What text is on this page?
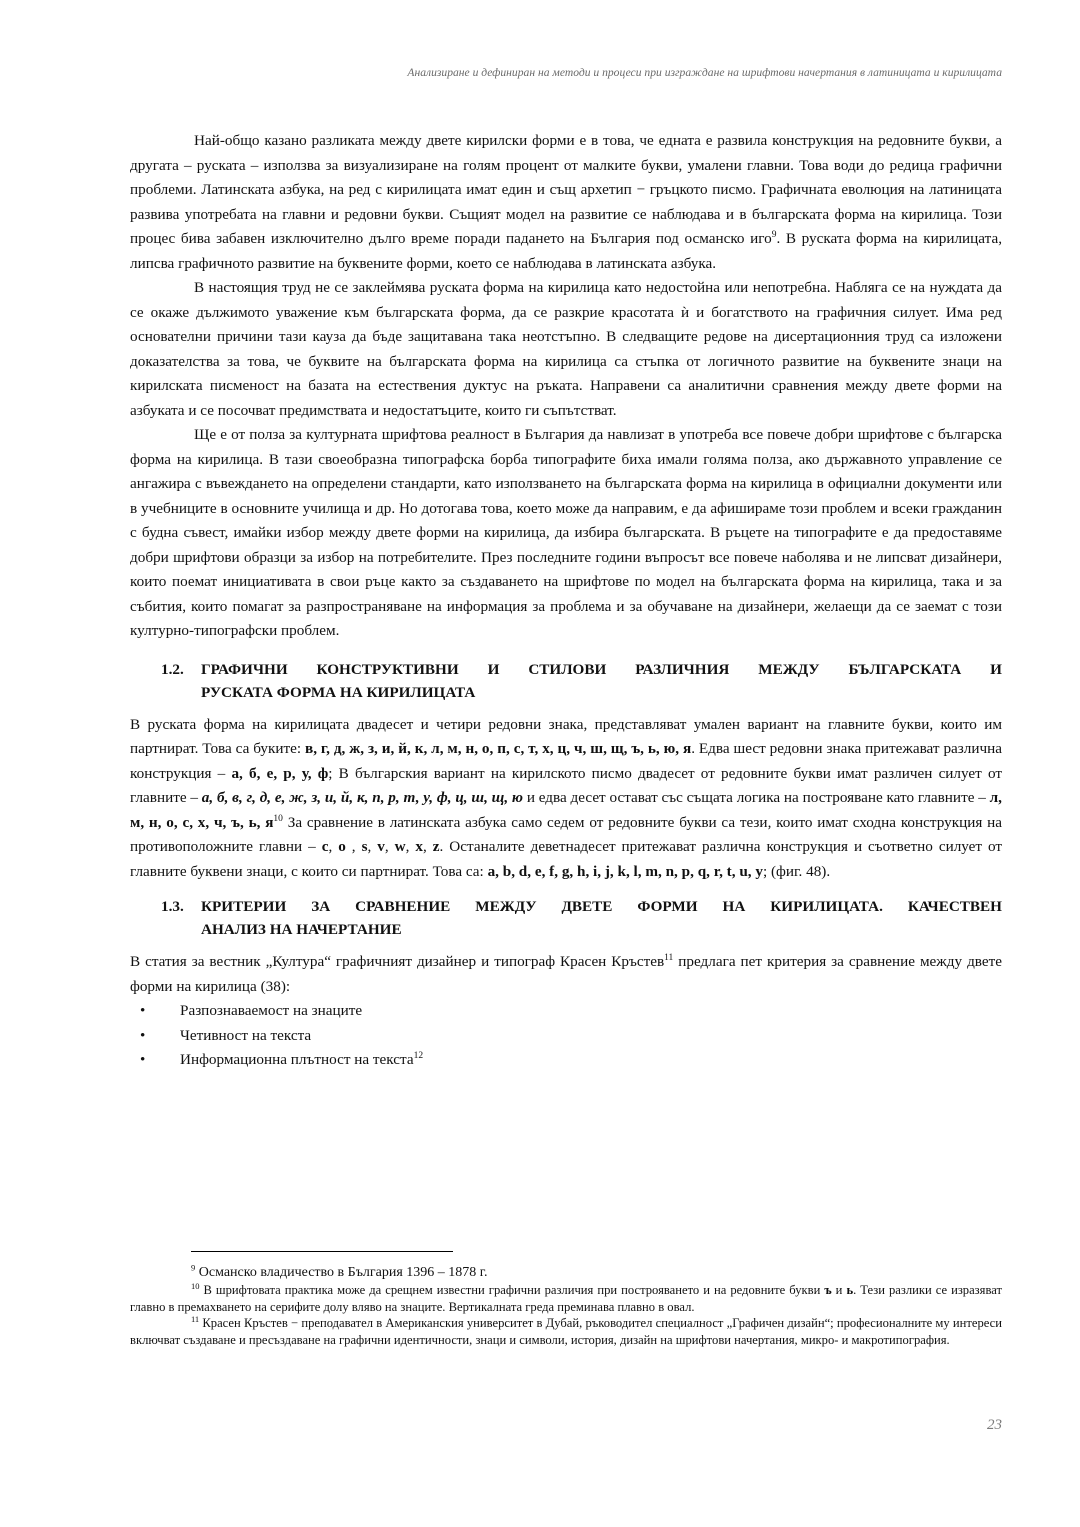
Анализиране и дефиниран на методи и процеси при изграждане на шрифтови начертания в латиницата и кирилицата

Най-общо казано разликата между двете кирилски форми е в това, че едната е развила конструкция на редовните букви, а другата – руската – използва за визуализиране на голям процент от малките букви, умалени главни. Това води до редица графични проблеми. Латинската азбука, на ред с кирилицата имат един и същ архетип − гръцкото писмо. Графичната еволюция на латиницата развива употребата на главни и редовни букви. Същият модел на развитие се наблюдава и в българската форма на кирилица. Този процес бива забавен изключително дълго време поради падането на България под османско иго$^9$. В руската форма на кирилицата, липсва графичното развитие на буквените форми, което се наблюдава в латинската азбука.

В настоящия труд не се заклеймява руската форма на кирилица като недостойна или непотребна. Набляга се на нуждата да се окаже дължимото уважение към българската форма, да се разкрие красотата ѝ и богатството на графичния силует. Има ред основателни причини тази кауза да бъде защитавана така неотстъпно. В следващите редове на дисертационния труд са изложени доказателства за това, че буквите на българската форма на кирилица са стъпка от логичното развитие на буквените знаци на кирилската писменост на базата на естествения дуктус на ръката. Направени са аналитични сравнения между двете форми на азбуката и се посочват предимствата и недостатъците, които ги съпътстват.

Ще е от полза за културната шрифтова реалност в България да навлизат в употреба все повече добри шрифтове с българска форма на кирилица. В тази своеобразна типографска борба типографите биха имали голяма полза, ако държавното управление се ангажира с въвеждането на определени стандарти, като използването на българската форма на кирилица в официални документи или в учебниците в основните училища и др. Но дотогава това, което може да направим, е да афишираме този проблем и всеки гражданин с будна съвест, имайки избор между двете форми на кирилица, да избира българската. В ръцете на типографите е да предоставяме добри шрифтови образци за избор на потребителите. През последните години въпросът все повече наболява и не липсват дизайнери, които поемат инициативата в свои ръце както за създаването на шрифтове по модел на българската форма на кирилица, така и за събития, които помагат за разпространяване на информация за проблема и за обучаване на дизайнери, желаещи да се заемат с този културно-типографски проблем.

1.2.	ГРАФИЧНИ КОНСТРУКТИВНИ И СТИЛОВИ РАЗЛИЧНИЯ МЕЖДУ БЪЛГАРСКАТА И
РУСКАТА ФОРМА НА КИРИЛИЦАТА

В руската форма на кирилицата двадесет и четири редовни знака, представляват умален вариант на главните букви, които им партнират. Това са буките: в, г, д, ж, з, и, й, к, л, м, н, о, п, с, т, х, ц, ч, ш, щ, ъ, ь, ю, я. Едва шест редовни знака притежават различна конструкция – а, б, е, р, у, ф; В българския вариант на кирилското писмо двадесет от редовните букви имат различен силует от главните – а, б, в, г, д, е, ж, з, и, й, к, п, р, т, у, ф, ц, ш, щ, ю и едва десет остават със същата логика на построяване като главните – л, м, н, о, с, х, ч, ъ, ь, $я^{10}$ За сравнение в латинската азбука само седем от редовните букви са тези, които имат сходна конструкция на противоположните главни – c, o , s, v, w, x, z. Останалите деветнадесет притежават различна конструкция и съответно силует от главните буквени знаци, с които си партнират. Това са: a, b, d, e, f, g, h, i, j, k, l, m, n, p, q, r, t, u, y; (фиг. 48).

1.3.	КРИТЕРИИ ЗА СРАВНЕНИЕ МЕЖДУ ДВЕТЕ ФОРМИ НА КИРИЛИЦАТА. КАЧЕСТВЕН
АНАЛИЗ НА НАЧЕРТАНИЕ

В статия за вестник „Култура“ графичният дизайнер и типограф Красен Кръстев$^{11}$ предлага пет критерия за сравнение между двете форми на кирилица (38):

• Разпознаваемост на знаците
• Четивност на текста
• Информационна плътност на текста$^{12}$

$^9$ Османско владичество в България 1396 – 1878 г.

$^{10}$ В шрифтовата практика може да срещнем известни графични различия при построяването и на редовните букви ъ и ь. Тези разлики се изразяват главно в премахването на серифите долу вляво на знаците. Вертикалната греда преминава плавно в овал.

$^{11}$ Красен Кръстев − преподавател в Американския университет в Дубай, ръководител специалност „Графичен дизайн“; професионалните му интереси включват създаване и пресъздаване на графични идентичности, знаци и символи, история, дизайн на шрифтови начертания, микро- и макротипография.

23
